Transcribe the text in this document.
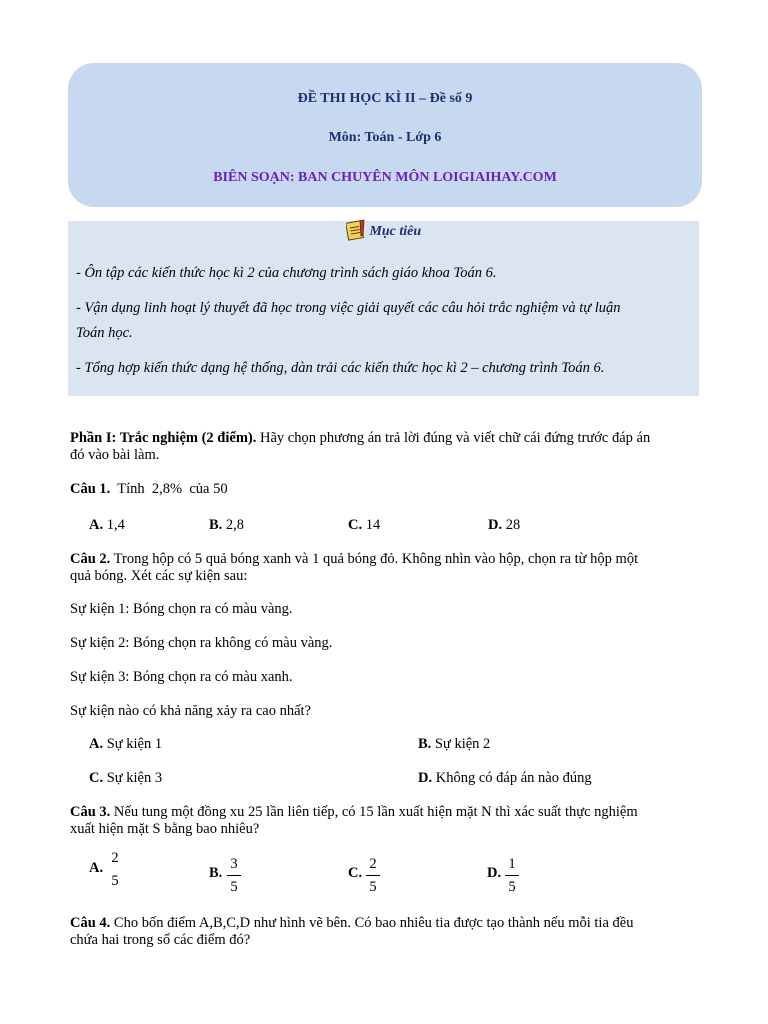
ĐỀ THI HỌC KÌ II – Đề số 9
Môn: Toán - Lớp 6
BIÊN SOẠN: BAN CHUYÊN MÔN LOIGIAIHAY.COM
Mục tiêu
- Ôn tập các kiến thức học kì 2 của chương trình sách giáo khoa Toán 6.
- Vận dụng linh hoạt lý thuyết đã học trong việc giải quyết các câu hỏi trắc nghiệm và tự luận
Toán học.
- Tổng hợp kiến thức dạng hệ thống, dàn trải các kiến thức học kì 2 – chương trình Toán 6.
Phần I: Trắc nghiệm (2 điểm). Hãy chọn phương án trả lời đúng và viết chữ cái đứng trước đáp án
đó vào bài làm.
Câu 1.  Tính  2,8%  của 50
A. 1,4	B. 2,8	C. 14	D. 28
Câu 2. Trong hộp có 5 quả bóng xanh và 1 quả bóng đỏ. Không nhìn vào hộp, chọn ra từ hộp một
quả bóng. Xét các sự kiện sau:
Sự kiện 1: Bóng chọn ra có màu vàng.
Sự kiện 2: Bóng chọn ra không có màu vàng.
Sự kiện 3: Bóng chọn ra có màu xanh.
Sự kiện nào có khả năng xảy ra cao nhất?
A. Sự kiện 1	B. Sự kiện 2
C. Sự kiện 3	D. Không có đáp án nào đúng
Câu 3. Nếu tung một đồng xu 25 lần liên tiếp, có 15 lần xuất hiện mặt N thì xác suất thực nghiệm
xuất hiện mặt S bằng bao nhiêu?
A.
2
5	B.
3
5
C.
2
5
D.
1
5
Câu 4. Cho bốn điểm A,B,C,D như hình vẽ bên. Có bao nhiêu tia được tạo thành nếu mỗi tia đều
chứa hai trong số các điểm đó?
